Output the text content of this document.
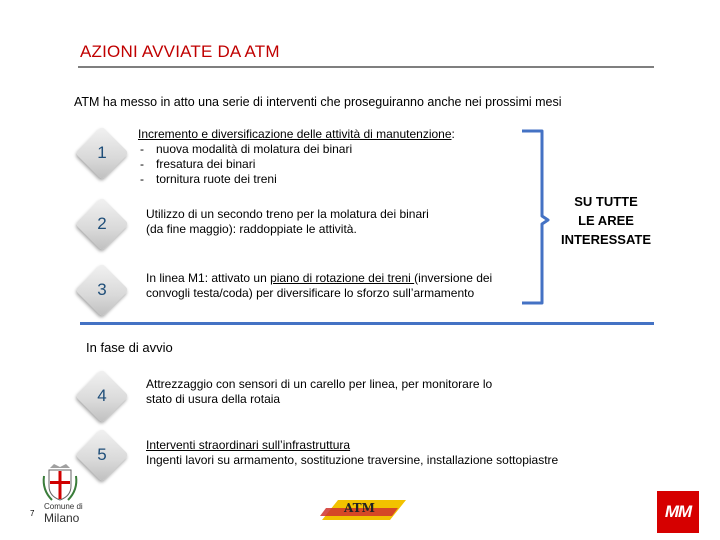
AZIONI AVVIATE DA ATM
ATM ha messo in atto una serie di interventi che proseguiranno anche nei prossimi mesi
1
Incremento e diversificazione delle attività di manutenzione:
- nuova modalità di molatura dei binari
- fresatura dei binari
- tornitura ruote dei treni
2	Utilizzo di un secondo treno per la molatura dei binari
(da fine maggio): raddoppiate le attività.
3
In linea M1: attivato un piano di rotazione dei treni (inversione dei
convogli testa/coda) per diversificare lo sforzo sull’armamento
SU TUTTE
LE AREE
INTERESSATE
In fase di avvio
4
Attrezzaggio con sensori di un carello per linea, per monitorare lo
stato di usura della rotaia
5	Interventi straordinari sull’infrastruttura
Ingenti lavori su armamento, sostituzione traversine, installazione sottopiastre
7
Comune di
Milano
ATM	MM
